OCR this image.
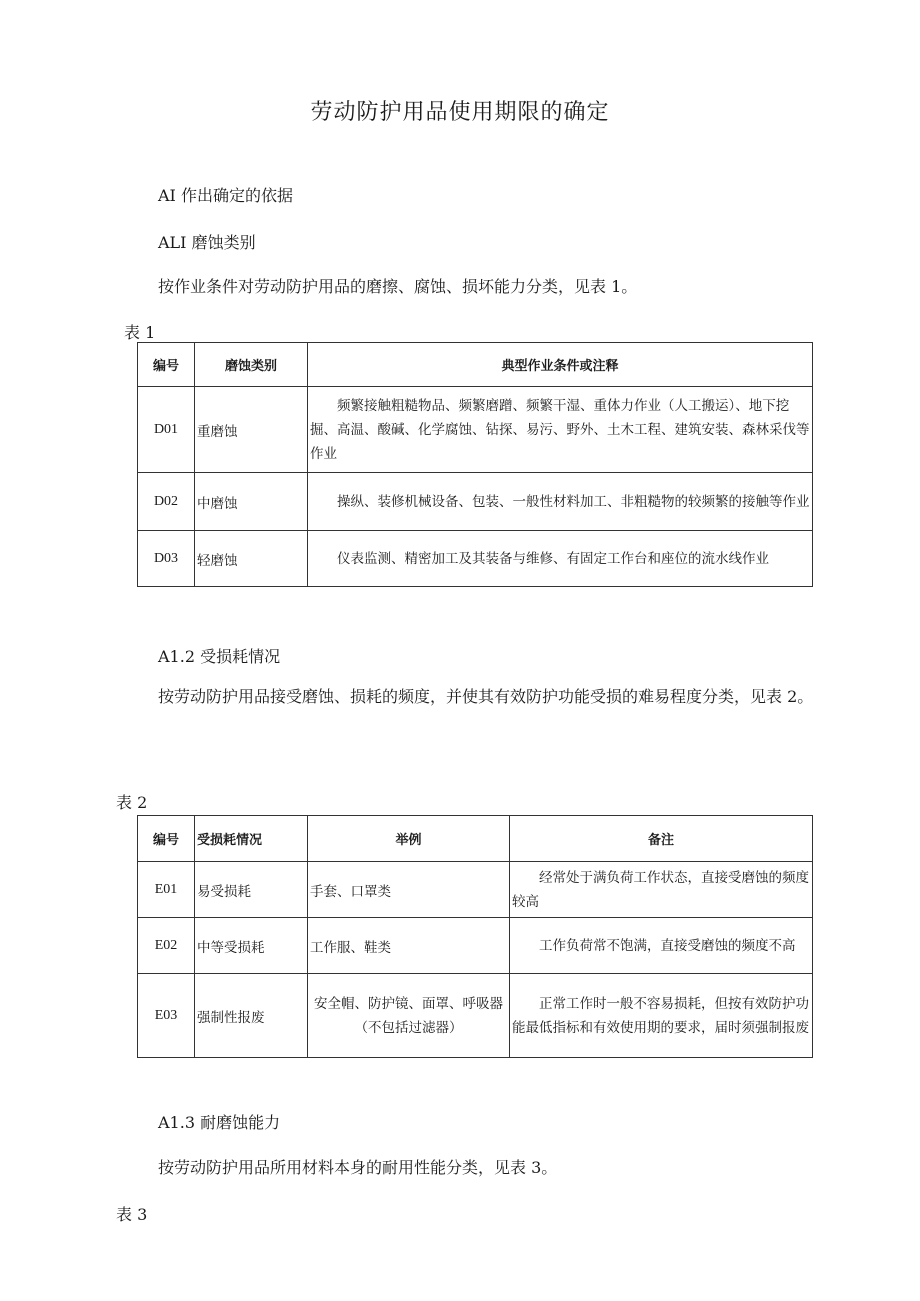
劳动防护用品使用期限的确定

AI 作出确定的依据

ALI 磨蚀类别

按作业条件对劳动防护用品的磨擦、腐蚀、损坏能力分类，见表 1。

表 1

编号	磨蚀类别	典型作业条件或注释
D01	重磨蚀	频繁接触粗糙物品、频繁磨蹭、频繁干湿、重体力作业（人工搬运）、地下挖掘、高温、酸碱、化学腐蚀、钻探、易污、野外、土木工程、建筑安装、森林采伐等作业
D02	中磨蚀	操纵、装修机械设备、包装、一般性材料加工、非粗糙物的较频繁的接触等作业
D03	轻磨蚀	仪表监测、精密加工及其装备与维修、有固定工作台和座位的流水线作业

A1.2 受损耗情况

按劳动防护用品接受磨蚀、损耗的频度，并使其有效防护功能受损的难易程度分类，见表 2。

表 2

编号	受损耗情况	举例	备注
E01	易受损耗	手套、口罩类	经常处于满负荷工作状态，直接受磨蚀的频度较高
E02	中等受损耗	工作服、鞋类	工作负荷常不饱满，直接受磨蚀的频度不高
E03	强制性报废	安全帽、防护镜、面罩、呼吸器（不包括过滤器）	正常工作时一般不容易损耗，但按有效防护功能最低指标和有效使用期的要求，届时须强制报废

A1.3 耐磨蚀能力

按劳动防护用品所用材料本身的耐用性能分类，见表 3。

表 3
